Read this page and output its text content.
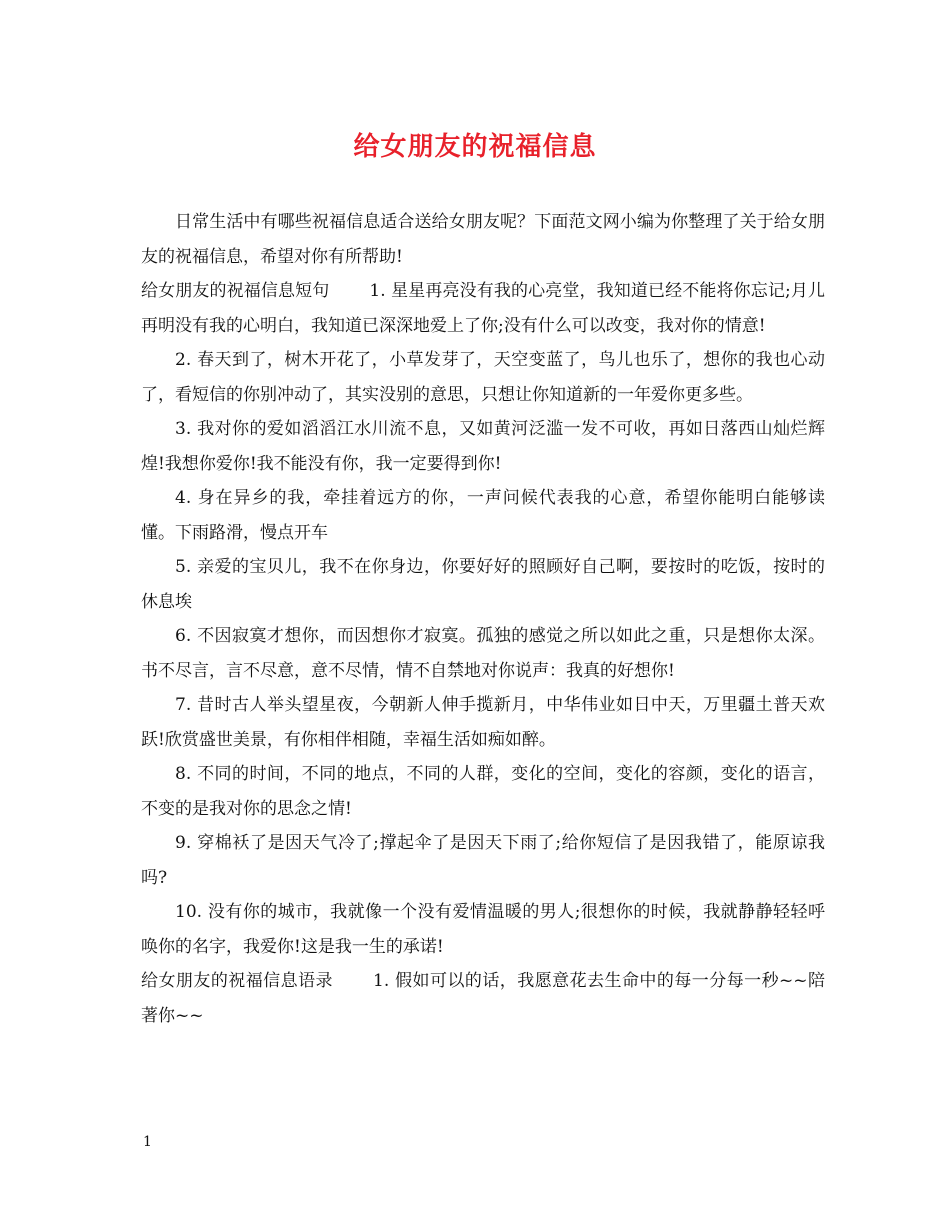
给女朋友的祝福信息

日常生活中有哪些祝福信息适合送给女朋友呢？下面范文网小编为你整理了关于给女朋友的祝福信息，希望对你有所帮助!

给女朋友的祝福信息短句 1. 星星再亮没有我的心亮堂，我知道已经不能将你忘记;月儿再明没有我的心明白，我知道已深深地爱上了你;没有什么可以改变，我对你的情意!

2. 春天到了，树木开花了，小草发芽了，天空变蓝了，鸟儿也乐了，想你的我也心动了，看短信的你别冲动了，其实没别的意思，只想让你知道新的一年爱你更多些。

3. 我对你的爱如滔滔江水川流不息，又如黄河泛滥一发不可收，再如日落西山灿烂辉煌!我想你爱你!我不能没有你，我一定要得到你!

4. 身在异乡的我，牵挂着远方的你，一声问候代表我的心意，希望你能明白能够读懂。下雨路滑，慢点开车

5. 亲爱的宝贝儿，我不在你身边，你要好好的照顾好自己啊，要按时的吃饭，按时的休息埃

6. 不因寂寞才想你，而因想你才寂寞。孤独的感觉之所以如此之重，只是想你太深。书不尽言，言不尽意，意不尽情，情不自禁地对你说声：我真的好想你!

7. 昔时古人举头望星夜，今朝新人伸手揽新月，中华伟业如日中天，万里疆土普天欢跃!欣赏盛世美景，有你相伴相随，幸福生活如痴如醉。

8. 不同的时间，不同的地点，不同的人群，变化的空间，变化的容颜，变化的语言，不变的是我对你的思念之情!

9. 穿棉袄了是因天气冷了;撑起伞了是因天下雨了;给你短信了是因我错了，能原谅我吗?

10. 没有你的城市，我就像一个没有爱情温暖的男人;很想你的时候，我就静静轻轻呼唤你的名字，我爱你!这是我一生的承诺!

给女朋友的祝福信息语录 1. 假如可以的话，我愿意花去生命中的每一分每一秒~~陪著你~~

1
